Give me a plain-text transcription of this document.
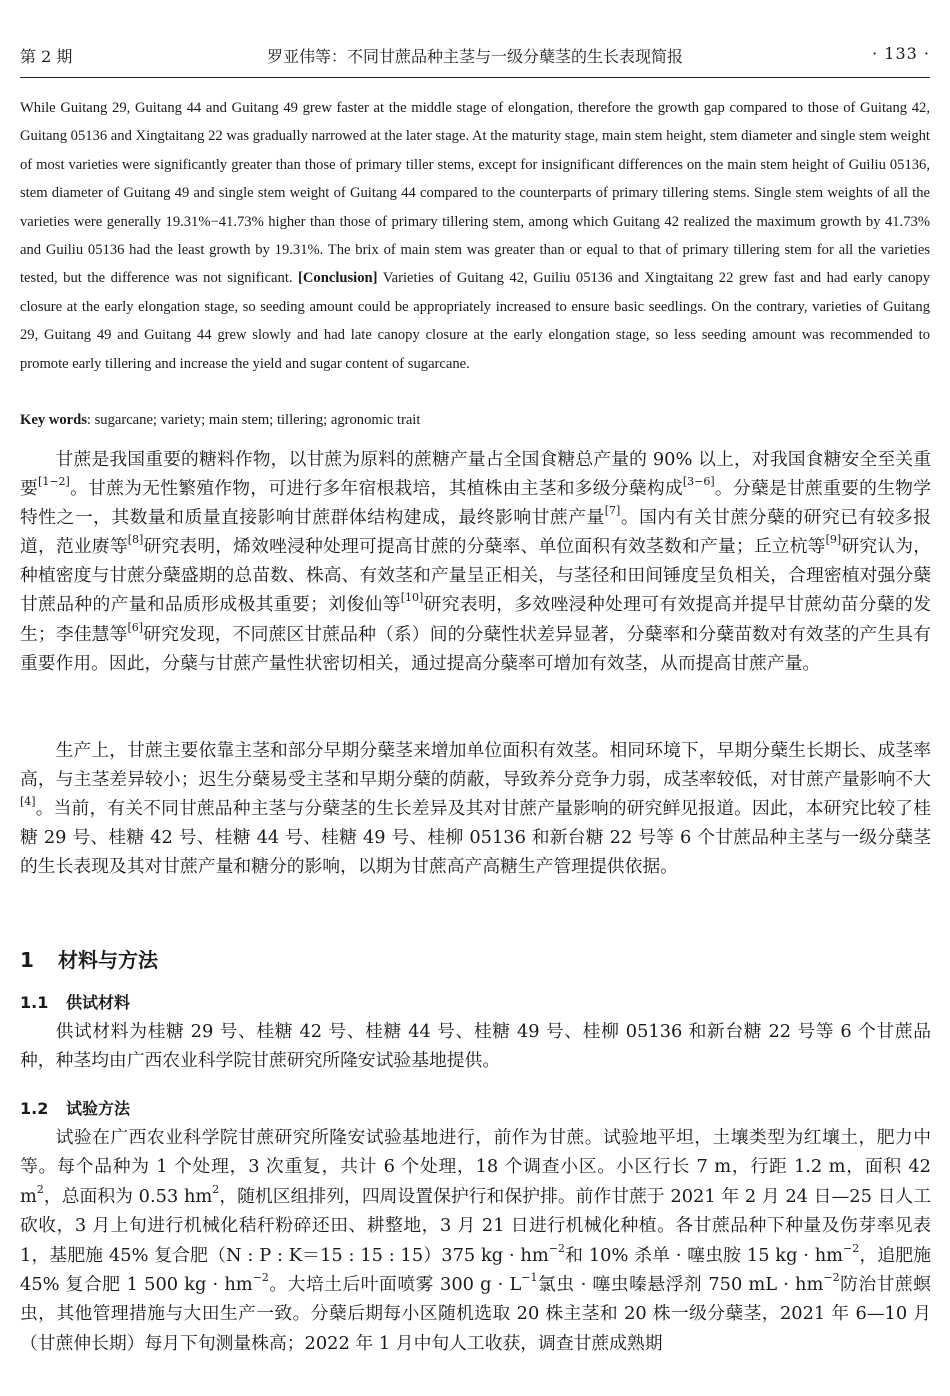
第 2 期	罗亚伟等：不同甘蔗品种主茎与一级分蘖茎的生长表现简报	· 133 ·
While Guitang 29, Guitang 44 and Guitang 49 grew faster at the middle stage of elongation, therefore the growth gap compared to those of Guitang 42, Guitang 05136 and Xingtaitang 22 was gradually narrowed at the later stage. At the maturity stage, main stem height, stem diameter and single stem weight of most varieties were significantly greater than those of primary tiller stems, except for insignificant differences on the main stem height of Guiliu 05136, stem diameter of Guitang 49 and single stem weight of Guitang 44 compared to the counterparts of primary tillering stems. Single stem weights of all the varieties were generally 19.31%−41.73% higher than those of primary tillering stem, among which Guitang 42 realized the maximum growth by 41.73% and Guiliu 05136 had the least growth by 19.31%. The brix of main stem was greater than or equal to that of primary tillering stem for all the varieties tested, but the difference was not significant. [Conclusion] Varieties of Guitang 42, Guiliu 05136 and Xingtaitang 22 grew fast and had early canopy closure at the early elongation stage, so seeding amount could be appropriately increased to ensure basic seedlings. On the contrary, varieties of Guitang 29, Guitang 49 and Guitang 44 grew slowly and had late canopy closure at the early elongation stage, so less seeding amount was recommended to promote early tillering and increase the yield and sugar content of sugarcane.
Key words: sugarcane; variety; main stem; tillering; agronomic trait

甘蔗是我国重要的糖料作物，以甘蔗为原料的蔗糖产量占全国食糖总产量的 90% 以上，对我国食糖安全至关重要[1−2]。甘蔗为无性繁殖作物，可进行多年宿根栽培，其植株由主茎和多级分蘖构成[3−6]。分蘖是甘蔗重要的生物学特性之一，其数量和质量直接影响甘蔗群体结构建成，最终影响甘蔗产量[7]。国内有关甘蔗分蘖的研究已有较多报道，范业赓等[8]研究表明，烯效唑浸种处理可提高甘蔗的分蘖率、单位面积有效茎数和产量；丘立杭等[9]研究认为，种植密度与甘蔗分蘖盛期的总苗数、株高、有效茎和产量呈正相关，与茎径和田间锤度呈负相关，合理密植对强分蘖甘蔗品种的产量和品质形成极其重要；刘俊仙等[10]研究表明，多效唑浸种处理可有效提高并提早甘蔗幼苗分蘖的发生；李佳慧等[6]研究发现，不同蔗区甘蔗品种（系）间的分蘖性状差异显著，分蘖率和分蘖苗数对有效茎的产生具有重要作用。因此，分蘖与甘蔗产量性状密切相关，通过提高分蘖率可增加有效茎，从而提高甘蔗产量。

生产上，甘蔗主要依靠主茎和部分早期分蘖茎来增加单位面积有效茎。相同环境下，早期分蘖生长期长、成茎率高，与主茎差异较小；迟生分蘖易受主茎和早期分蘖的荫蔽，导致养分竞争力弱，成茎率较低，对甘蔗产量影响不大[4]。当前，有关不同甘蔗品种主茎与分蘖茎的生长差异及其对甘蔗产量影响的研究鲜见报道。因此，本研究比较了桂糖 29 号、桂糖 42 号、桂糖 44 号、桂糖 49 号、桂柳 05136 和新台糖 22 号等 6 个甘蔗品种主茎与一级分蘖茎的生长表现及其对甘蔗产量和糖分的影响，以期为甘蔗高产高糖生产管理提供依据。

1 材料与方法
1.1 供试材料

供试材料为桂糖 29 号、桂糖 42 号、桂糖 44 号、桂糖 49 号、桂柳 05136 和新台糖 22 号等 6 个甘蔗品种，种茎均由广西农业科学院甘蔗研究所隆安试验基地提供。

1.2 试验方法

试验在广西农业科学院甘蔗研究所隆安试验基地进行，前作为甘蔗。试验地平坦，土壤类型为红壤土，肥力中等。每个品种为 1 个处理，3 次重复，共计 6 个处理，18 个调查小区。小区行长 7 m，行距 1.2 m，面积 42 $m^2$，总面积为 0.53 $hm^2$，随机区组排列，四周设置保护行和保护排。前作甘蔗于 2021 年 2 月 24 日—25 日人工砍收，3 月上旬进行机械化秸秆粉碎还田、耕整地，3 月 21 日进行机械化种植。各甘蔗品种下种量及伤芽率见表 1，基肥施 45% 复合肥（N : P : K＝15 : 15 : 15）375 kg · $hm^{-2}$和 10% 杀单 · 噻虫胺 15 kg · $hm^{-2}$，追肥施 45% 复合肥 1 500 kg · $hm^{-2}$。大培土后叶面喷雾 300 $g \cdot L^{-1}$氯虫 · 噻虫嗪悬浮剂 750 mL · $hm^{-2}$防治甘蔗螟虫，其他管理措施与大田生产一致。分蘖后期每小区随机选取 20 株主茎和 20 株一级分蘖茎，2021 年 6—10 月（甘蔗伸长期）每月下旬测量株高；2022 年 1 月中旬人工收获，调查甘蔗成熟期
